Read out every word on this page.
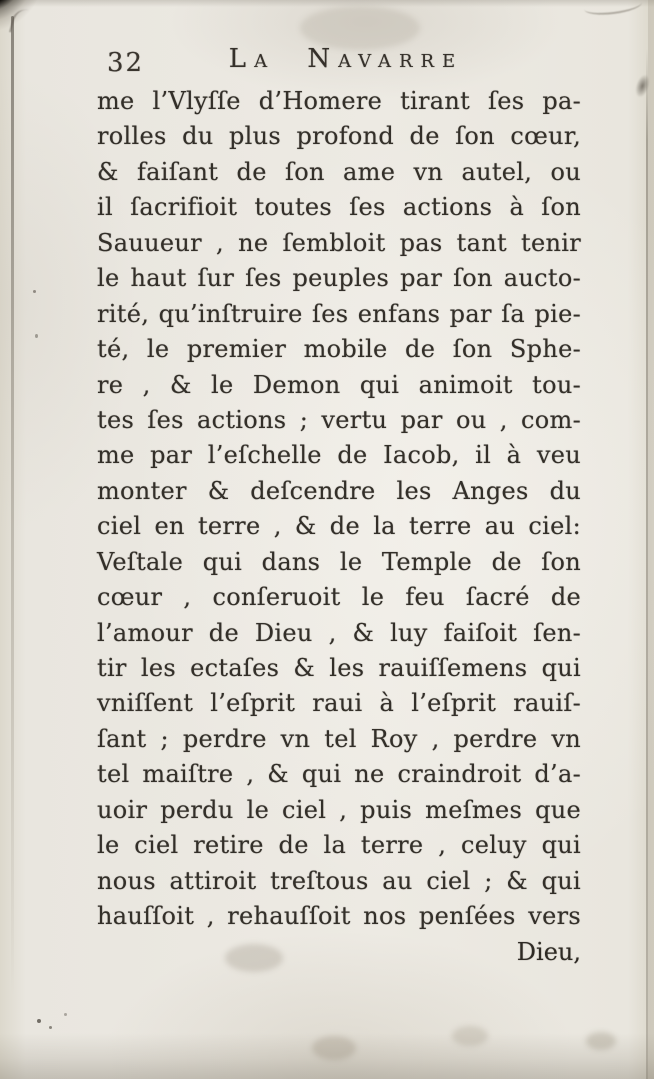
32	La Navarre
me l’Vlyſſe d’Homere tirant ſes pa-
rolles du plus profond de ſon cœur,
& faiſant de ſon ame vn autel, ou
il ſacrifioit toutes ſes actions à ſon
Sauueur , ne ſembloit pas tant tenir
le haut ſur ſes peuples par ſon aucto-
rité, qu’inſtruire ſes enfans par ſa pie-
té, le premier mobile de ſon Sphe-
re , & le Demon qui animoit tou-
tes ſes actions ; vertu par ou , com-
me par l’eſchelle de Iacob, il à veu
monter & deſcendre les Anges du
ciel en terre , & de la terre au ciel:
Veſtale qui dans le Temple de ſon
cœur , conſeruoit le feu ſacré de
l’amour de Dieu , & luy faiſoit ſen-
tir les ectaſes & les rauiſſemens qui
vniſſent l’eſprit raui à l’eſprit rauiſ-
ſant ; perdre vn tel Roy , perdre vn
tel maiſtre , & qui ne craindroit d’a-
uoir perdu le ciel , puis meſmes que
le ciel retire de la terre , celuy qui
nous attiroit treſtous au ciel ; & qui
hauſſoit , rehauſſoit nos penſées vers
Dieu,
